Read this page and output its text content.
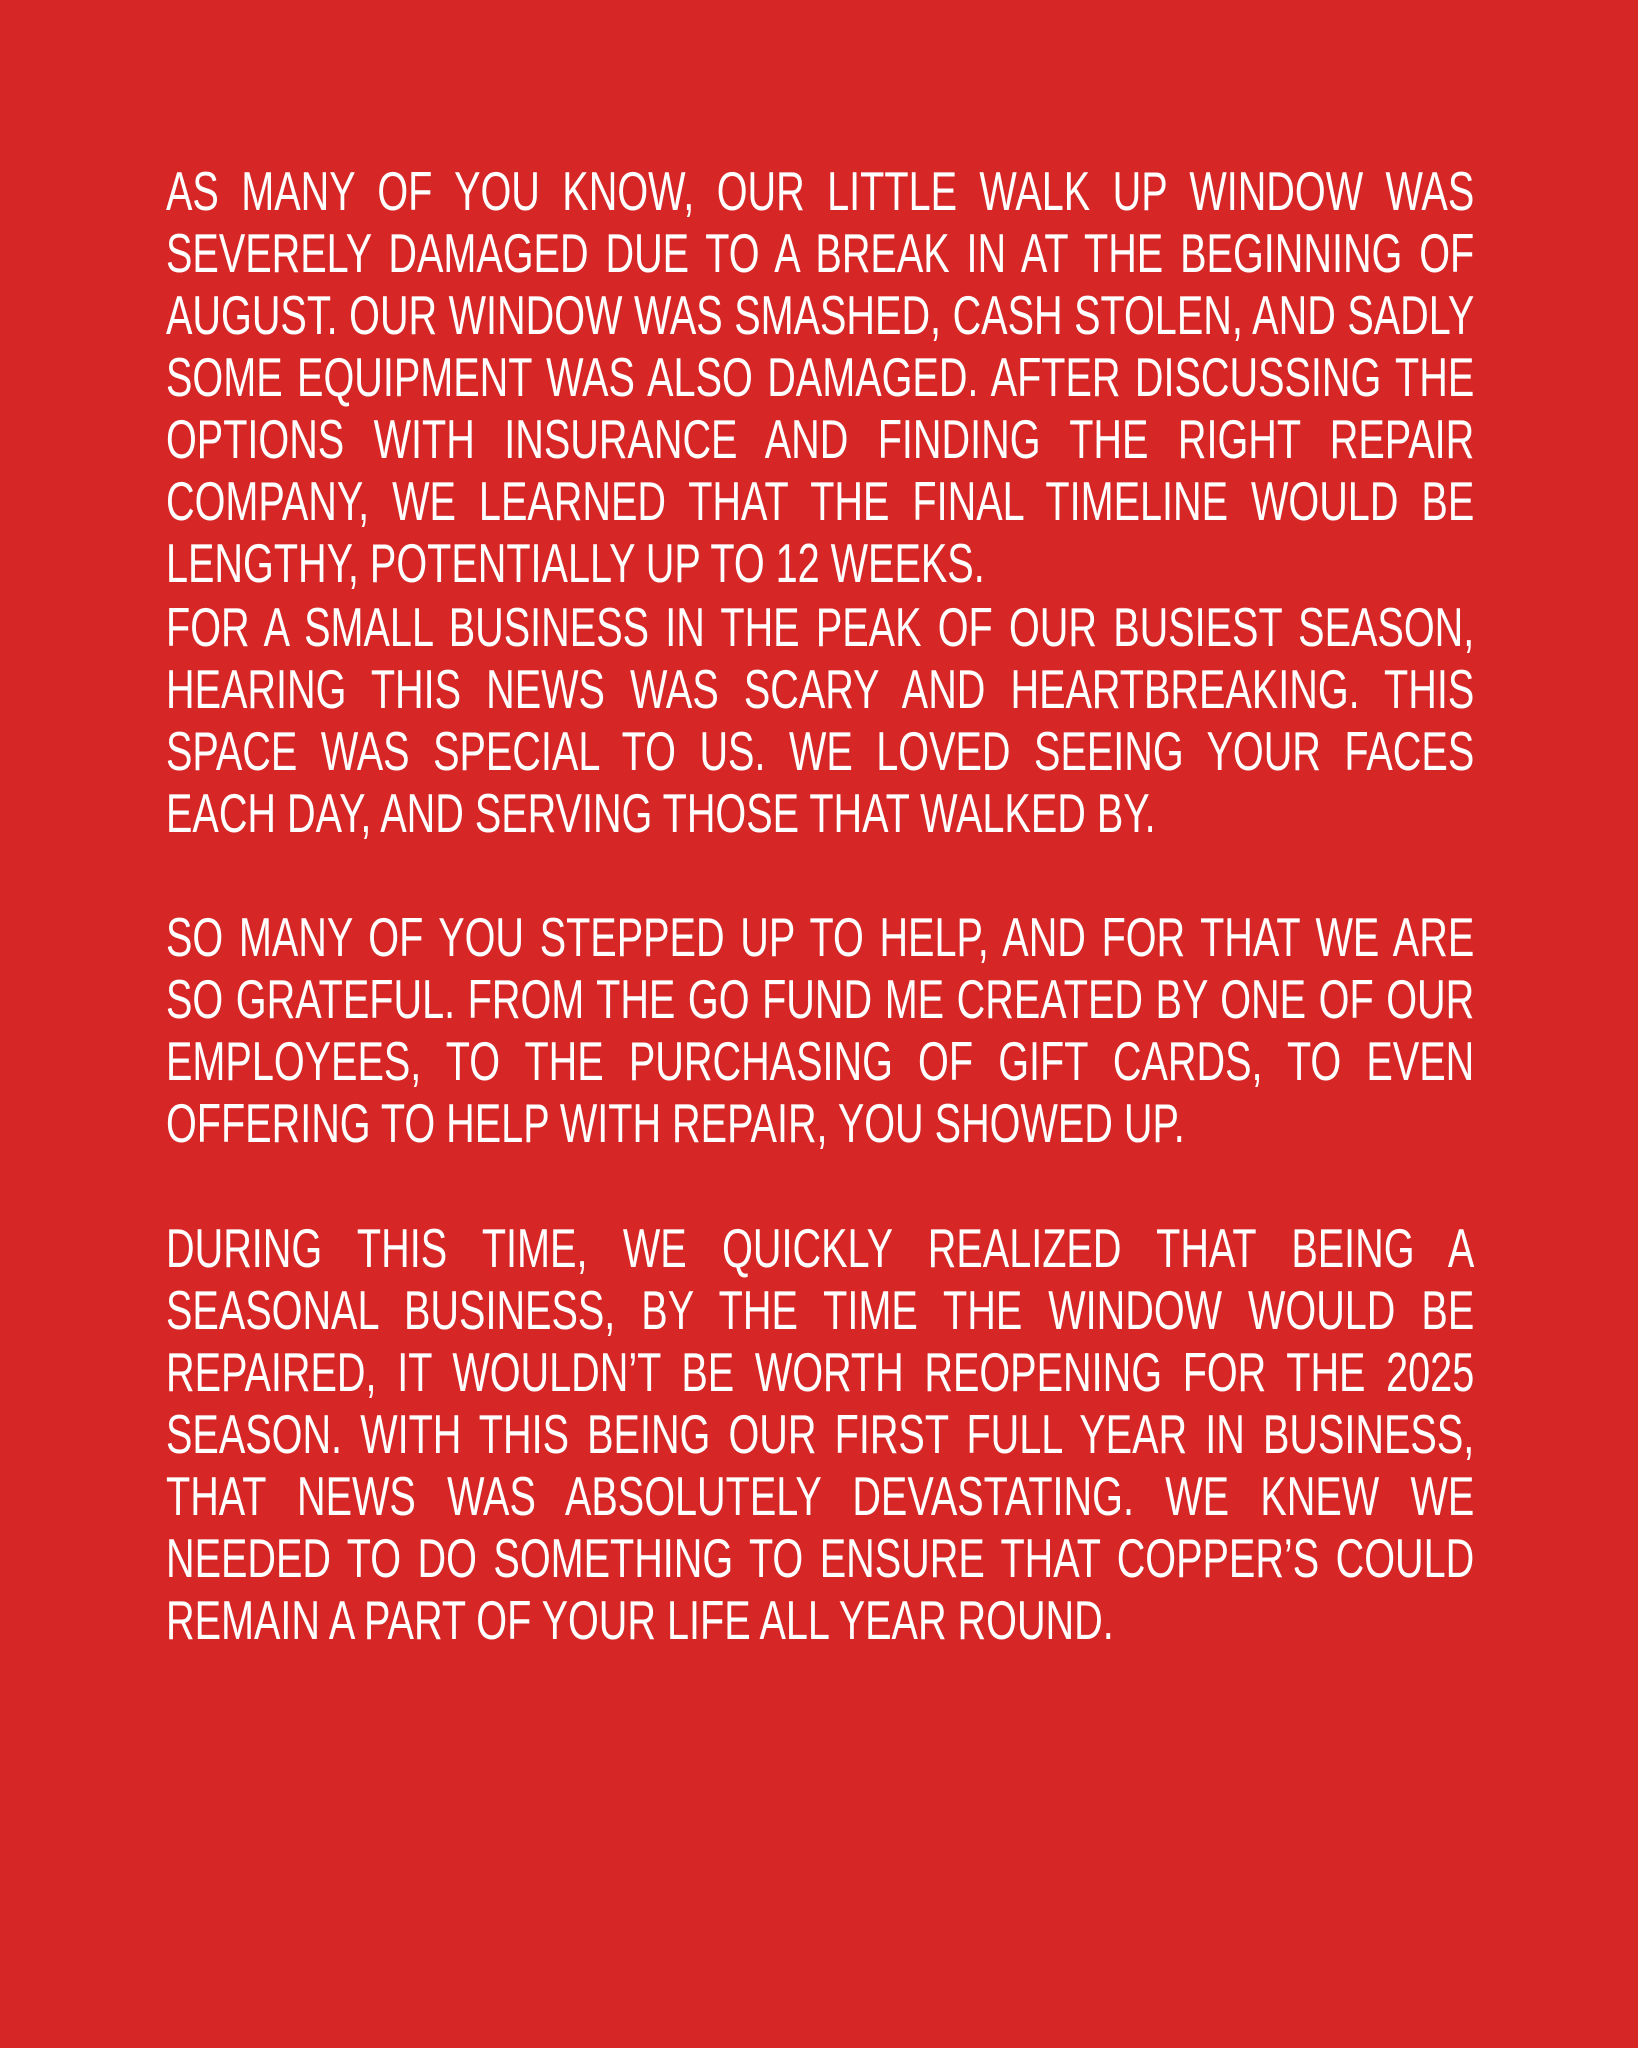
AS MANY OF YOU KNOW, OUR LITTLE WALK UP WINDOW WAS SEVERELY DAMAGED DUE TO A BREAK IN AT THE BEGINNING OF AUGUST. OUR WINDOW WAS SMASHED, CASH STOLEN, AND SADLY SOME EQUIPMENT WAS ALSO DAMAGED. AFTER DISCUSSING THE OPTIONS WITH INSURANCE AND FINDING THE RIGHT REPAIR COMPANY, WE LEARNED THAT THE FINAL TIMELINE WOULD BE LENGTHY, POTENTIALLY UP TO 12 WEEKS.

FOR A SMALL BUSINESS IN THE PEAK OF OUR BUSIEST SEASON, HEARING THIS NEWS WAS SCARY AND HEARTBREAKING. THIS SPACE WAS SPECIAL TO US. WE LOVED SEEING YOUR FACES EACH DAY, AND SERVING THOSE THAT WALKED BY.

SO MANY OF YOU STEPPED UP TO HELP, AND FOR THAT WE ARE SO GRATEFUL. FROM THE GO FUND ME CREATED BY ONE OF OUR EMPLOYEES, TO THE PURCHASING OF GIFT CARDS, TO EVEN OFFERING TO HELP WITH REPAIR, YOU SHOWED UP.

DURING THIS TIME, WE QUICKLY REALIZED THAT BEING A SEASONAL BUSINESS, BY THE TIME THE WINDOW WOULD BE REPAIRED, IT WOULDN’T BE WORTH REOPENING FOR THE 2025 SEASON. WITH THIS BEING OUR FIRST FULL YEAR IN BUSINESS, THAT NEWS WAS ABSOLUTELY DEVASTATING. WE KNEW WE NEEDED TO DO SOMETHING TO ENSURE THAT COPPER’S COULD REMAIN A PART OF YOUR LIFE ALL YEAR ROUND.
